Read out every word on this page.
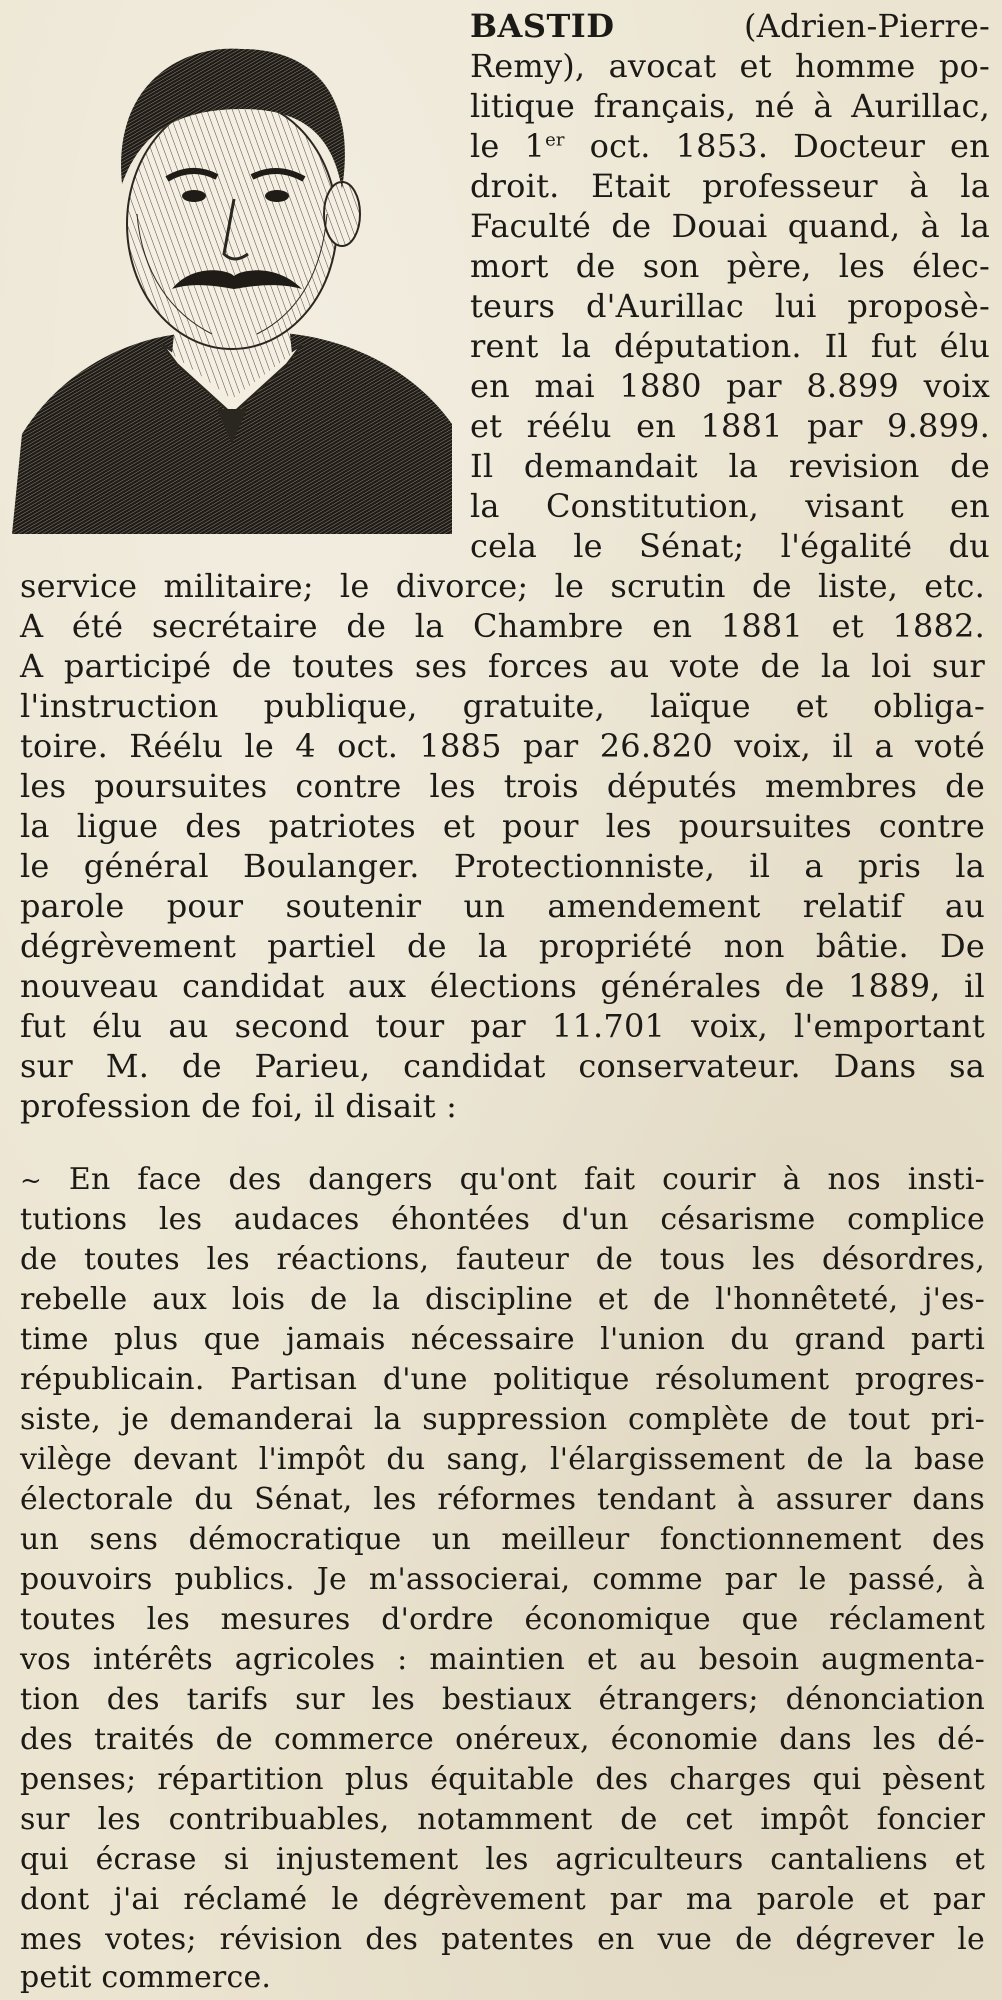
BASTID (Adrien-Pierre-
Remy), avocat et homme po-
litique français, né à Aurillac,
le 1er oct. 1853. Docteur en
droit. Etait professeur à la
Faculté de Douai quand, à la
mort de son père, les élec-
teurs d'Aurillac lui proposè-
rent la députation. Il fut élu
en mai 1880 par 8.899 voix
et réélu en 1881 par 9.899.
Il demandait la revision de
la Constitution, visant en
cela le Sénat; l'égalité du
service militaire; le divorce; le scrutin de liste, etc.
A été secrétaire de la Chambre en 1881 et 1882.
A participé de toutes ses forces au vote de la loi sur
l'instruction publique, gratuite, laïque et obliga-
toire. Réélu le 4 oct. 1885 par 26.820 voix, il a voté
les poursuites contre les trois députés membres de
la ligue des patriotes et pour les poursuites contre
le général Boulanger. Protectionniste, il a pris la
parole pour soutenir un amendement relatif au
dégrèvement partiel de la propriété non bâtie. De
nouveau candidat aux élections générales de 1889, il
fut élu au second tour par 11.701 voix, l'emportant
sur M. de Parieu, candidat conservateur. Dans sa
profession de foi, il disait :
~ En face des dangers qu'ont fait courir à nos insti-
tutions les audaces éhontées d'un césarisme complice
de toutes les réactions, fauteur de tous les désordres,
rebelle aux lois de la discipline et de l'honnêteté, j'es-
time plus que jamais nécessaire l'union du grand parti
républicain. Partisan d'une politique résolument progres-
siste, je demanderai la suppression complète de tout pri-
vilège devant l'impôt du sang, l'élargissement de la base
électorale du Sénat, les réformes tendant à assurer dans
un sens démocratique un meilleur fonctionnement des
pouvoirs publics. Je m'associerai, comme par le passé, à
toutes les mesures d'ordre économique que réclament
vos intérêts agricoles : maintien et au besoin augmenta-
tion des tarifs sur les bestiaux étrangers; dénonciation
des traités de commerce onéreux, économie dans les dé-
penses; répartition plus équitable des charges qui pèsent
sur les contribuables, notamment de cet impôt foncier
qui écrase si injustement les agriculteurs cantaliens et
dont j'ai réclamé le dégrèvement par ma parole et par
mes votes; révision des patentes en vue de dégrever le
petit commerce.
